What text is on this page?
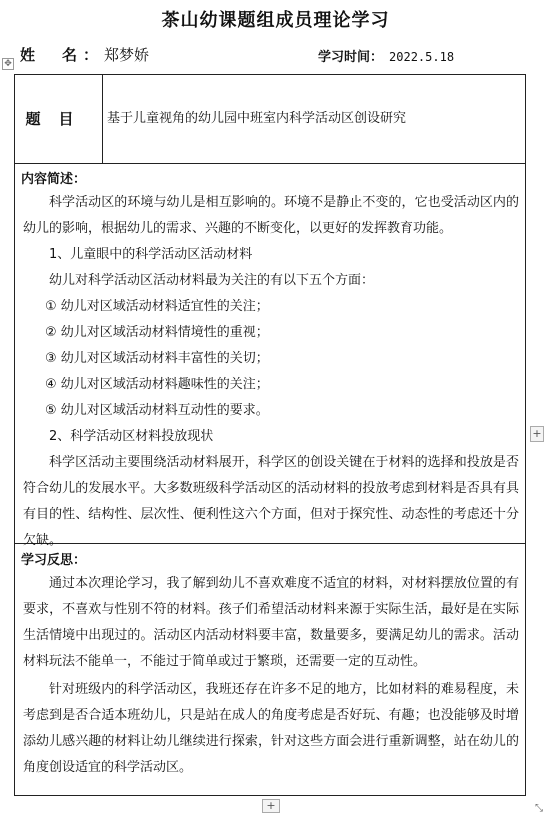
茶山幼课题组成员理论学习
姓　名：郑梦娇	学习时间： 2022.5.18
✥
题目	基于儿童视角的幼儿园中班室内科学活动区创设研究
内容简述：
科学活动区的环境与幼儿是相互影响的。环境不是静止不变的，它也受活动区内的幼儿的影响，根据幼儿的需求、兴趣的不断变化，以更好的发挥教育功能。
1、儿童眼中的科学活动区活动材料
幼儿对科学活动区活动材料最为关注的有以下五个方面：
① 幼儿对区域活动材料适宜性的关注；
② 幼儿对区域活动材料情境性的重视；
③ 幼儿对区域活动材料丰富性的关切；
④ 幼儿对区域活动材料趣味性的关注；
⑤ 幼儿对区域活动材料互动性的要求。
2、科学活动区材料投放现状
科学区活动主要围绕活动材料展开，科学区的创设关键在于材料的选择和投放是否符合幼儿的发展水平。大多数班级科学活动区的活动材料的投放考虑到材料是否具有具有目的性、结构性、层次性、便利性这六个方面，但对于探究性、动态性的考虑还十分欠缺。
学习反思：
通过本次理论学习，我了解到幼儿不喜欢难度不适宜的材料，对材料摆放位置的有要求，不喜欢与性别不符的材料。孩子们希望活动材料来源于实际生活，最好是在实际生活情境中出现过的。活动区内活动材料要丰富，数量要多，要满足幼儿的需求。活动材料玩法不能单一，不能过于简单或过于繁琐，还需要一定的互动性。
针对班级内的科学活动区，我班还存在许多不足的地方，比如材料的难易程度，未考虑到是否合适本班幼儿，只是站在成人的角度考虑是否好玩、有趣；也没能够及时增添幼儿感兴趣的材料让幼儿继续进行探索，针对这些方面会进行重新调整，站在幼儿的角度创设适宜的科学活动区。
+
+	⤡
